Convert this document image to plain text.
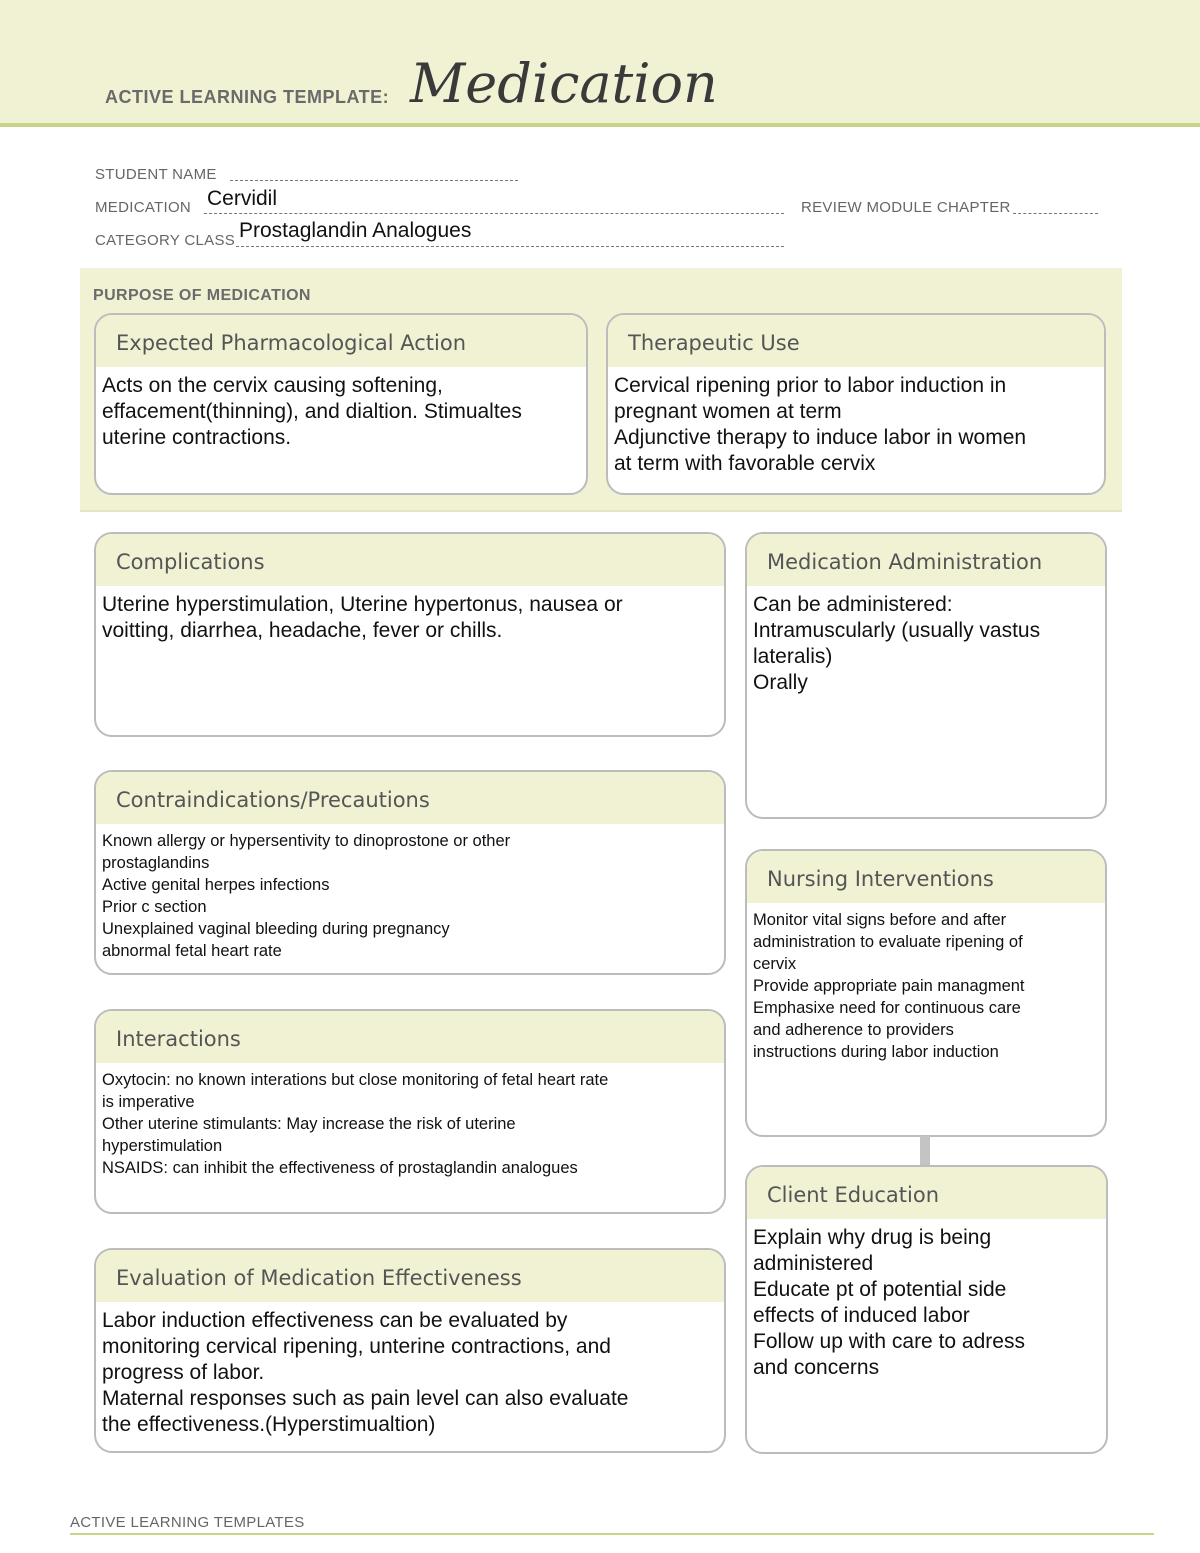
ACTIVE LEARNING TEMPLATE: Medication
STUDENT NAME
MEDICATION Cervidil	REVIEW MODULE CHAPTER
CATEGORY CLASS Prostaglandin Analogues
PURPOSE OF MEDICATION
Expected Pharmacological Action
Acts on the cervix causing softening,
effacement(thinning), and dialtion. Stimualtes
uterine contractions.
Therapeutic Use
Cervical ripening prior to labor induction in
pregnant women at term
Adjunctive therapy to induce labor in women
at term with favorable cervix
Complications
Uterine hyperstimulation, Uterine hypertonus, nausea or
voitting, diarrhea, headache, fever or chills.
Contraindications/Precautions
Known allergy or hypersentivity to dinoprostone or other
prostaglandins
Active genital herpes infections
Prior c section
Unexplained vaginal bleeding during pregnancy
abnormal fetal heart rate
Interactions
Oxytocin: no known interations but close monitoring of fetal heart rate
is imperative
Other uterine stimulants: May increase the risk of uterine
hyperstimulation
NSAIDS: can inhibit the effectiveness of prostaglandin analogues
Evaluation of Medication Effectiveness
Labor induction effectiveness can be evaluated by
monitoring cervical ripening, unterine contractions, and
progress of labor.
Maternal responses such as pain level can also evaluate
the effectiveness.(Hyperstimualtion)
Medication Administration
Can be administered:
Intramuscularly (usually vastus
lateralis)
Orally
Nursing Interventions
Monitor vital signs before and after
administration to evaluate ripening of
cervix
Provide appropriate pain managment
Emphasixe need for continuous care
and adherence to providers
instructions during labor induction
Client Education
Explain why drug is being
administered
Educate pt of potential side
effects of induced labor
Follow up with care to adress
and concerns
ACTIVE LEARNING TEMPLATES
